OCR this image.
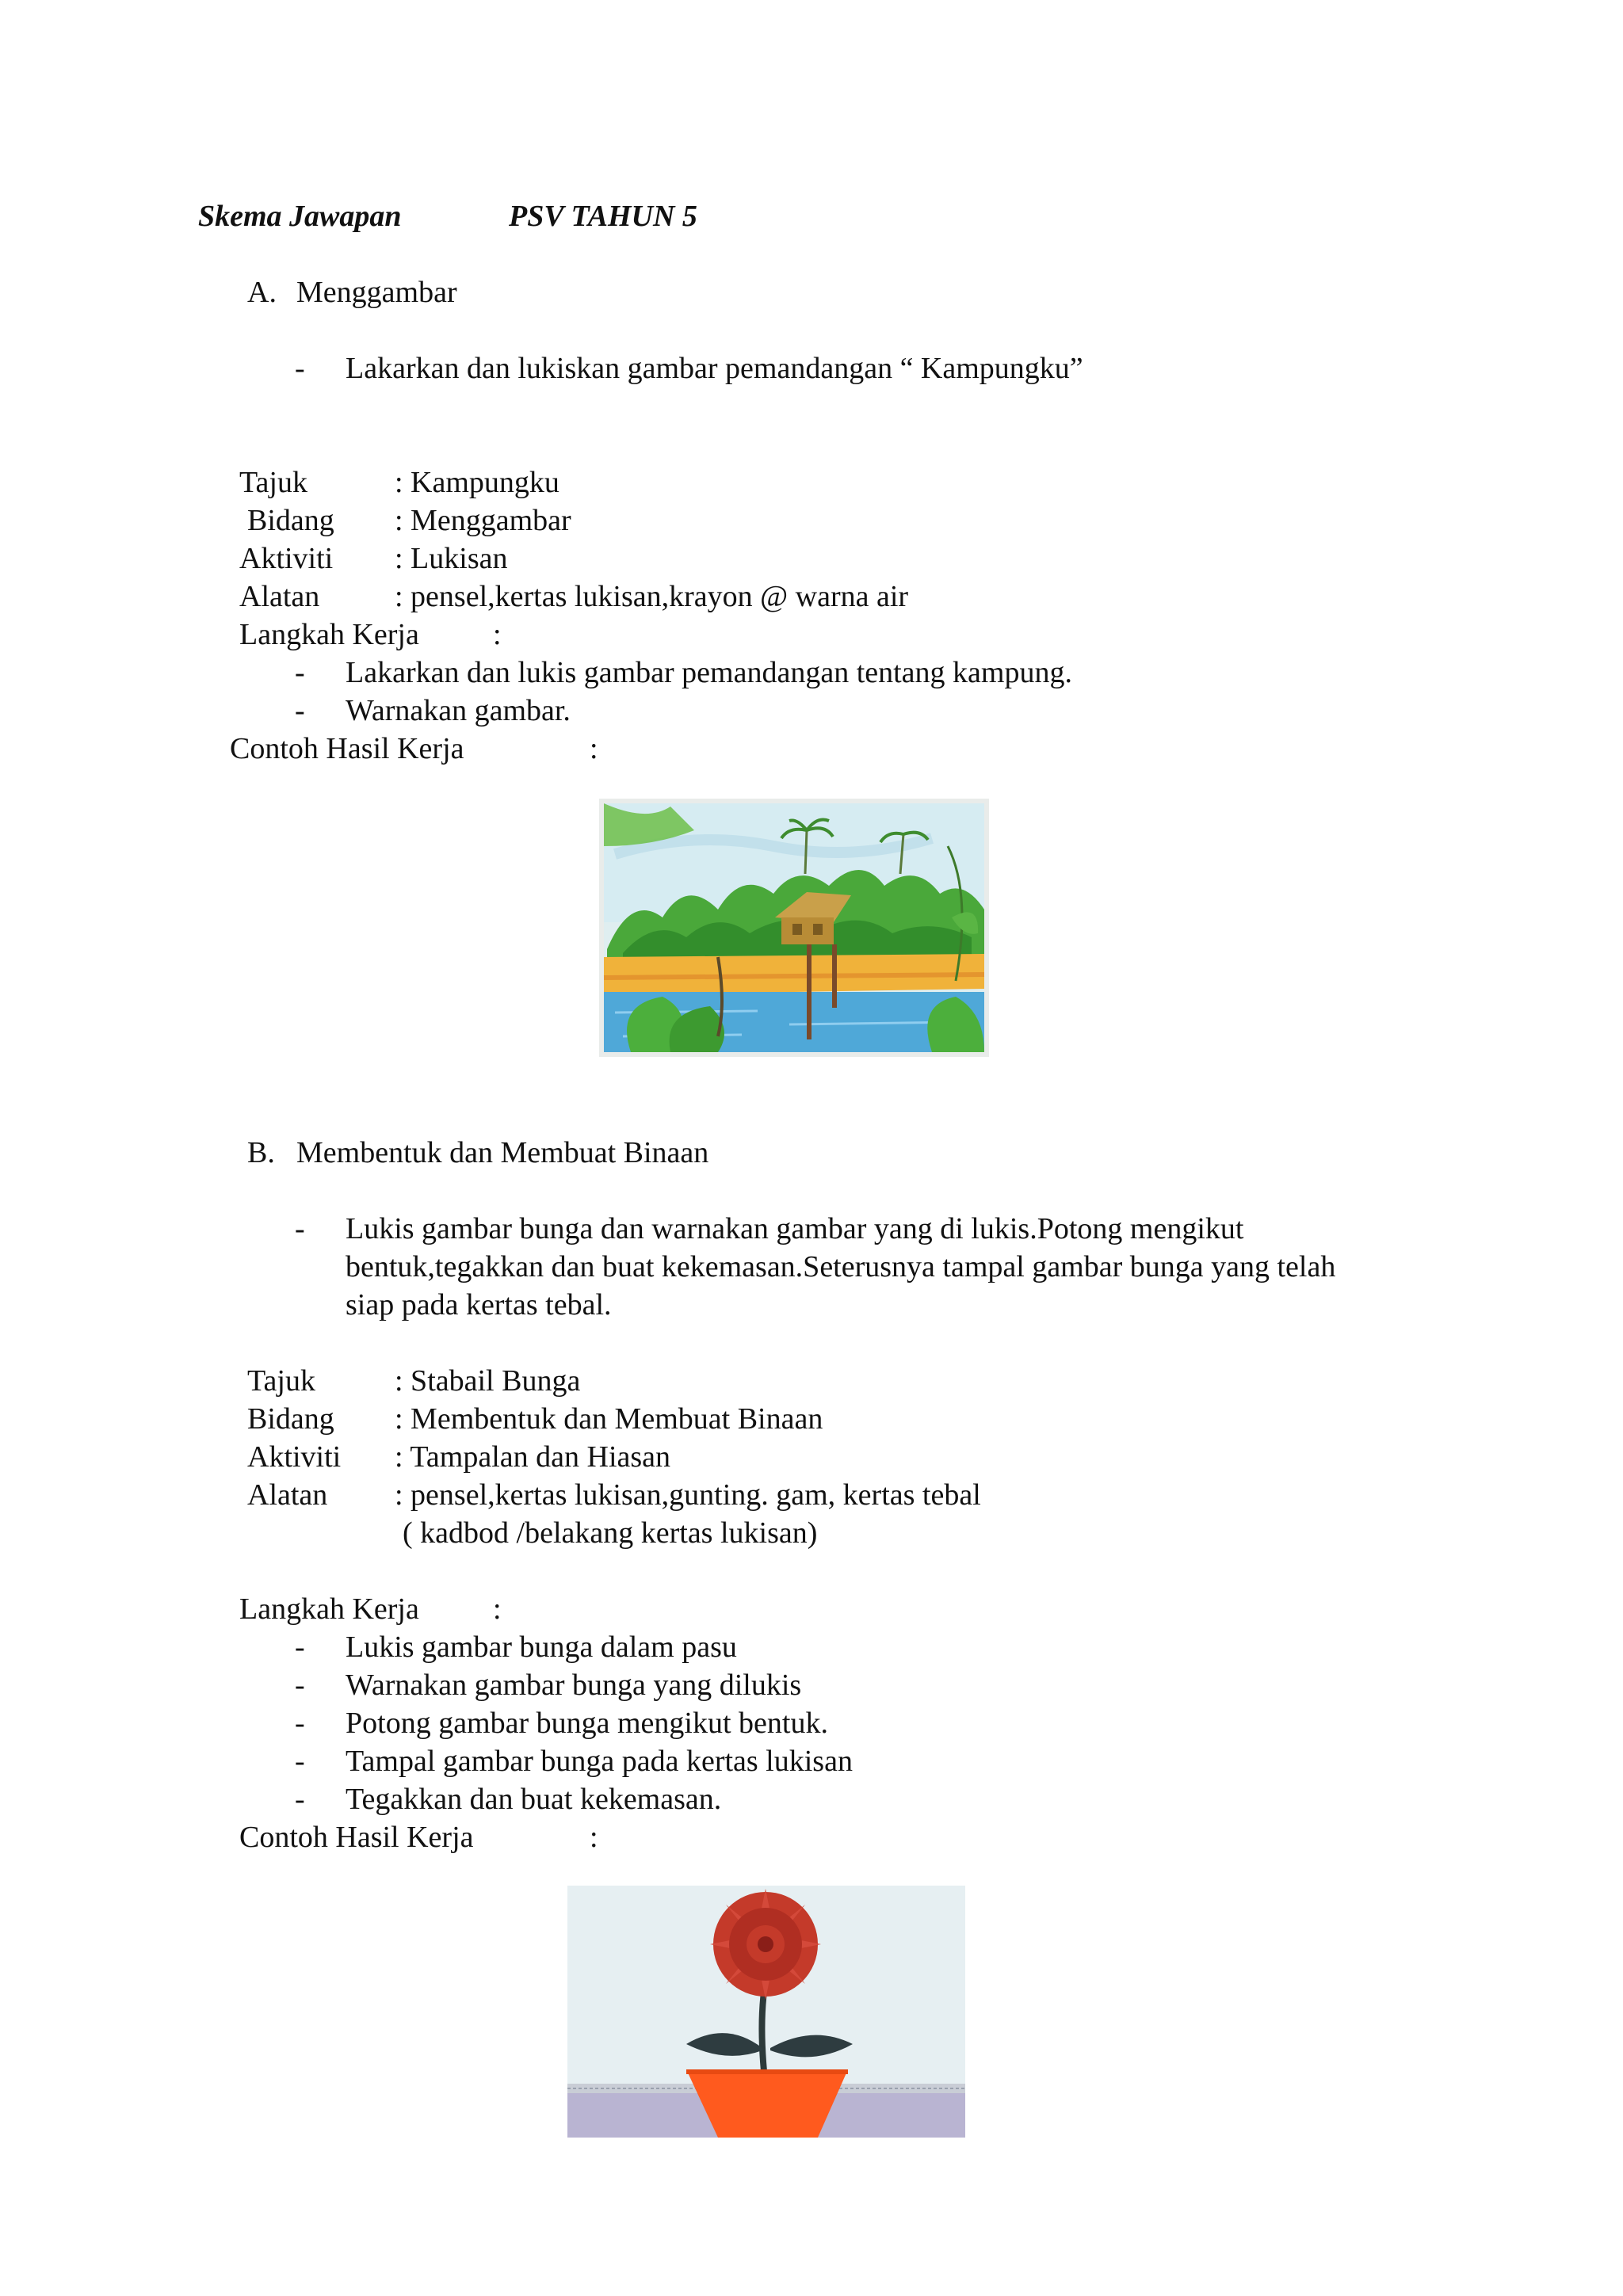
Skema Jawapan	PSV TAHUN 5
A. Menggambar
- Lakarkan dan lukiskan gambar pemandangan “ Kampungku”
Tajuk	: Kampungku
Bidang : Menggambar
Aktiviti : Lukisan
Alatan : pensel,kertas lukisan,krayon @ warna air
Langkah Kerja :
- Lakarkan dan lukis gambar pemandangan tentang kampung.
- Warnakan gambar.
Contoh Hasil Kerja	:
B. Membentuk dan Membuat Binaan
- Lukis gambar bunga dan warnakan gambar yang di lukis.Potong mengikut
bentuk,tegakkan dan buat kekemasan.Seterusnya tampal gambar bunga yang telah
siap pada kertas tebal.
Tajuk	: Stabail Bunga
Bidang : Membentuk dan Membuat Binaan
Aktiviti : Tampalan dan Hiasan
Alatan : pensel,kertas lukisan,gunting. gam, kertas tebal
( kadbod /belakang kertas lukisan)
Langkah Kerja :
- Lukis gambar bunga dalam pasu
- Warnakan gambar bunga yang dilukis
- Potong gambar bunga mengikut bentuk.
- Tampal gambar bunga pada kertas lukisan
- Tegakkan dan buat kekemasan.
Contoh Hasil Kerja	:
